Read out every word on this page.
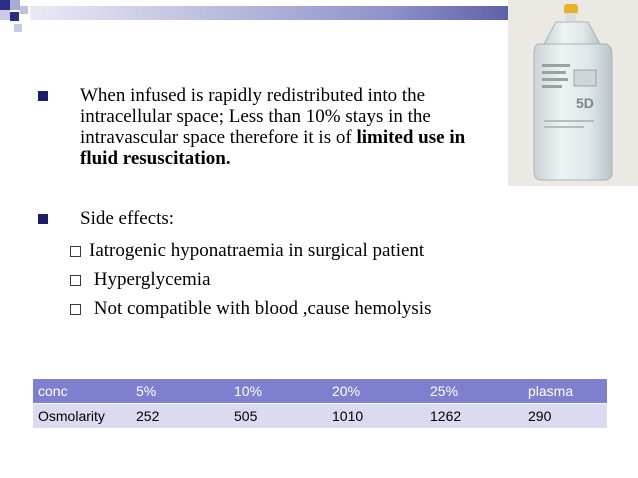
5D

When infused is rapidly redistributed into the intracellular space; Less than 10% stays in the intravascular space therefore it is of limited use in fluid resuscitation.

Side effects:

Iatrogenic hyponatraemia in surgical patient
Hyperglycemia
Not compatible with blood ,cause hemolysis
conc	5%	10%	20%	25%	plasma
Osmolarity	252	505	1010	1262	290
